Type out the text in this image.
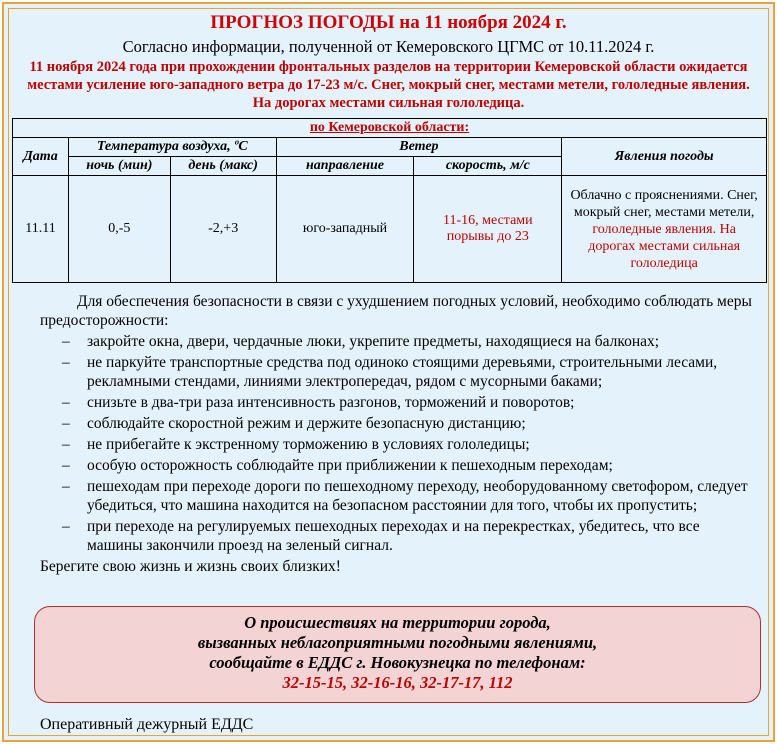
ПРОГНОЗ ПОГОДЫ на 11 ноября 2024 г.
Согласно информации, полученной от Кемеровского ЦГМС от 10.11.2024 г.
11 ноября 2024 года при прохождении фронтальных разделов на территории Кемеровской области ожидается местами усиление юго-западного ветра до 17-23 м/с. Снег, мокрый снег, местами метели, гололедные явления. На дорогах местами сильная гололедица.
по Кемеровской области:					
Дата	Температура воздуха, ºС		Ветер		Явления погоды
	ночь (мин)	день (макс)	направление	скорость, м/с	
11.11	0,-5	-2,+3	юго-западный	11-16, местами порывы до 23	Облачно с прояснениями. Снег, мокрый снег, местами метели, гололедные явления. На дорогах местами сильная гололедица

Для обеспечения безопасности в связи с ухудшением погодных условий, необходимо соблюдать меры предосторожности:

– закройте окна, двери, чердачные люки, укрепите предметы, находящиеся на балконах;
– не паркуйте транспортные средства под одиноко стоящими деревьями, строительными лесами, рекламными стендами, линиями электропередач, рядом с мусорными баками;
– снизьте в два-три раза интенсивность разгонов, торможений и поворотов;
– соблюдайте скоростной режим и держите безопасную дистанцию;
– не прибегайте к экстренному торможению в условиях гололедицы;
– особую осторожность соблюдайте при приближении к пешеходным переходам;
– пешеходам при переходе дороги по пешеходному переходу, необорудованному светофором, следует убедиться, что машина находится на безопасном расстоянии для того, чтобы их пропустить;
– при переходе на регулируемых пешеходных переходах и на перекрестках, убедитесь, что все машины закончили проезд на зеленый сигнал.

Берегите свою жизнь и жизнь своих близких!

О происшествиях на территории города,
вызванных неблагоприятными погодными явлениями,
сообщайте в ЕДДС г. Новокузнецка по телефонам:
32-15-15, 32-16-16, 32-17-17, 112
Оперативный дежурный ЕДДС
